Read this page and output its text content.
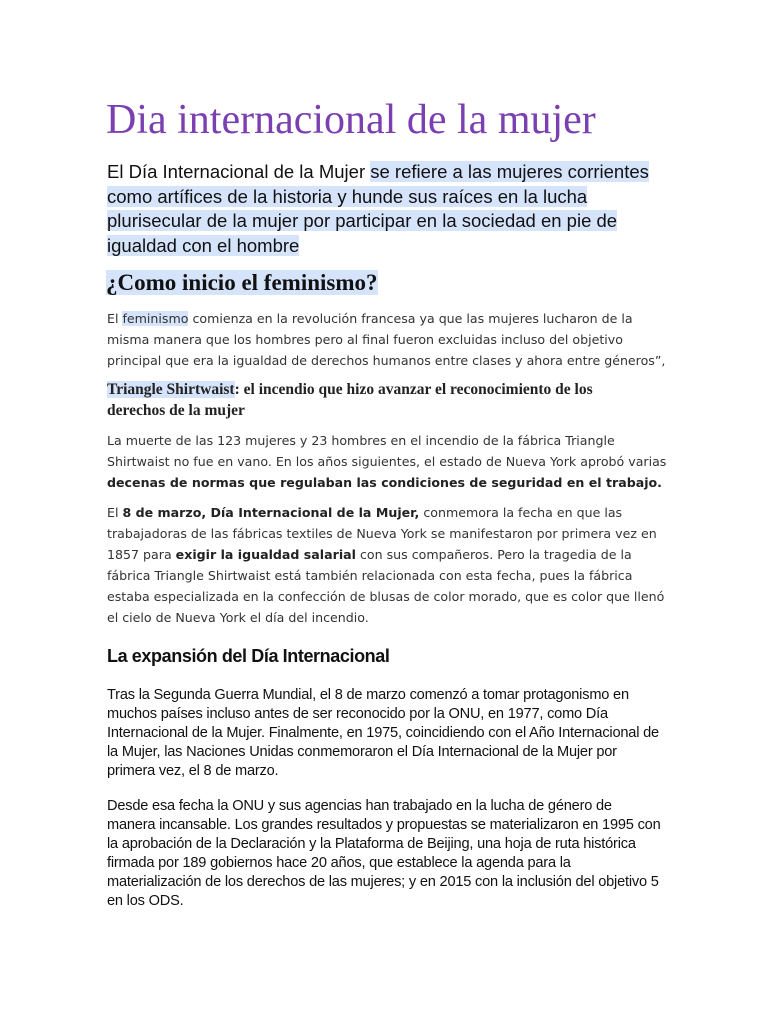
Dia internacional de la mujer

El Día Internacional de la Mujer se refiere a las mujeres corrientes como artífices de la historia y hunde sus raíces en la lucha plurisecular de la mujer por participar en la sociedad en pie de igualdad con el hombre

¿Como inicio el feminismo?

El feminismo comienza en la revolución francesa ya que las mujeres lucharon de la misma manera que los hombres pero al final fueron excluidas incluso del objetivo principal que era la igualdad de derechos humanos entre clases y ahora entre géneros”,

Triangle Shirtwaist: el incendio que hizo avanzar el reconocimiento de los derechos de la mujer

La muerte de las 123 mujeres y 23 hombres en el incendio de la fábrica Triangle Shirtwaist no fue en vano. En los años siguientes, el estado de Nueva York aprobó varias decenas de normas que regulaban las condiciones de seguridad en el trabajo.

El 8 de marzo, Día Internacional de la Mujer, conmemora la fecha en que las trabajadoras de las fábricas textiles de Nueva York se manifestaron por primera vez en 1857 para exigir la igualdad salarial con sus compañeros. Pero la tragedia de la fábrica Triangle Shirtwaist está también relacionada con esta fecha, pues la fábrica estaba especializada en la confección de blusas de color morado, que es color que llenó el cielo de Nueva York el día del incendio.

La expansión del Día Internacional

Tras la Segunda Guerra Mundial, el 8 de marzo comenzó a tomar protagonismo en muchos países incluso antes de ser reconocido por la ONU, en 1977, como Día Internacional de la Mujer. Finalmente, en 1975, coincidiendo con el Año Internacional de la Mujer, las Naciones Unidas conmemoraron el Día Internacional de la Mujer por primera vez, el 8 de marzo.

Desde esa fecha la ONU y sus agencias han trabajado en la lucha de género de manera incansable. Los grandes resultados y propuestas se materializaron en 1995 con la aprobación de la Declaración y la Plataforma de Beijing, una hoja de ruta histórica firmada por 189 gobiernos hace 20 años, que establece la agenda para la materialización de los derechos de las mujeres; y en 2015 con la inclusión del objetivo 5 en los ODS.
